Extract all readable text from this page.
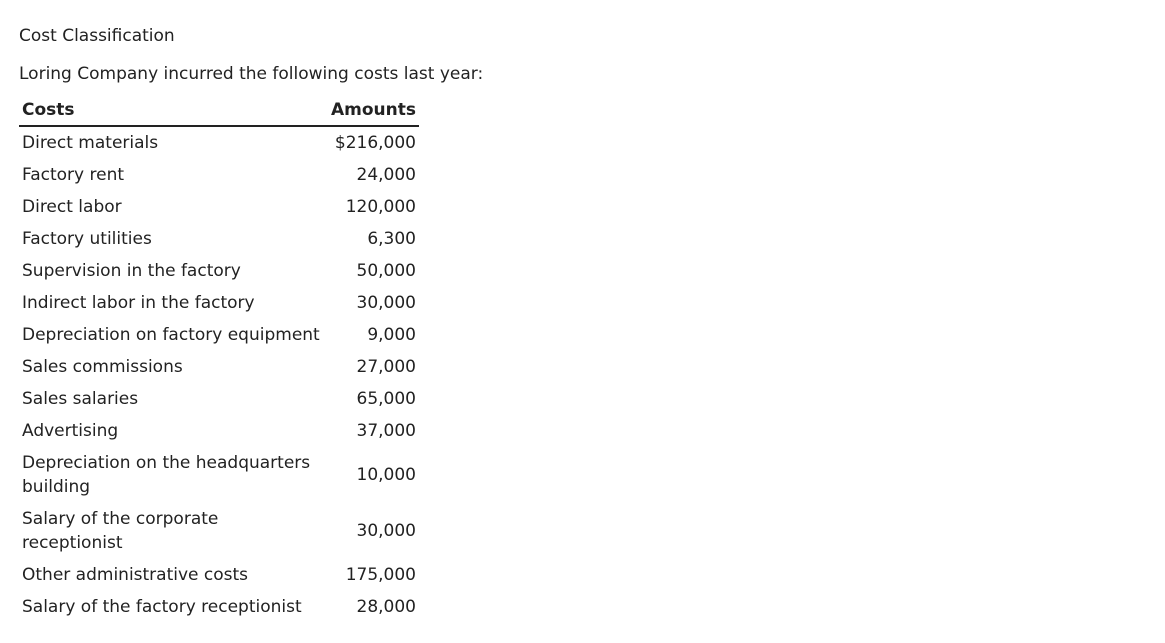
Cost Classification
Loring Company incurred the following costs last year:
Costs	Amounts
Direct materials	$216,000
Factory rent	24,000
Direct labor	120,000
Factory utilities	6,300
Supervision in the factory	50,000
Indirect labor in the factory	30,000
Depreciation on factory equipment	9,000
Sales commissions	27,000
Sales salaries	65,000
Advertising	37,000
Depreciation on the headquarters building	10,000
Salary of the corporate receptionist	30,000
Other administrative costs	175,000
Salary of the factory receptionist	28,000
